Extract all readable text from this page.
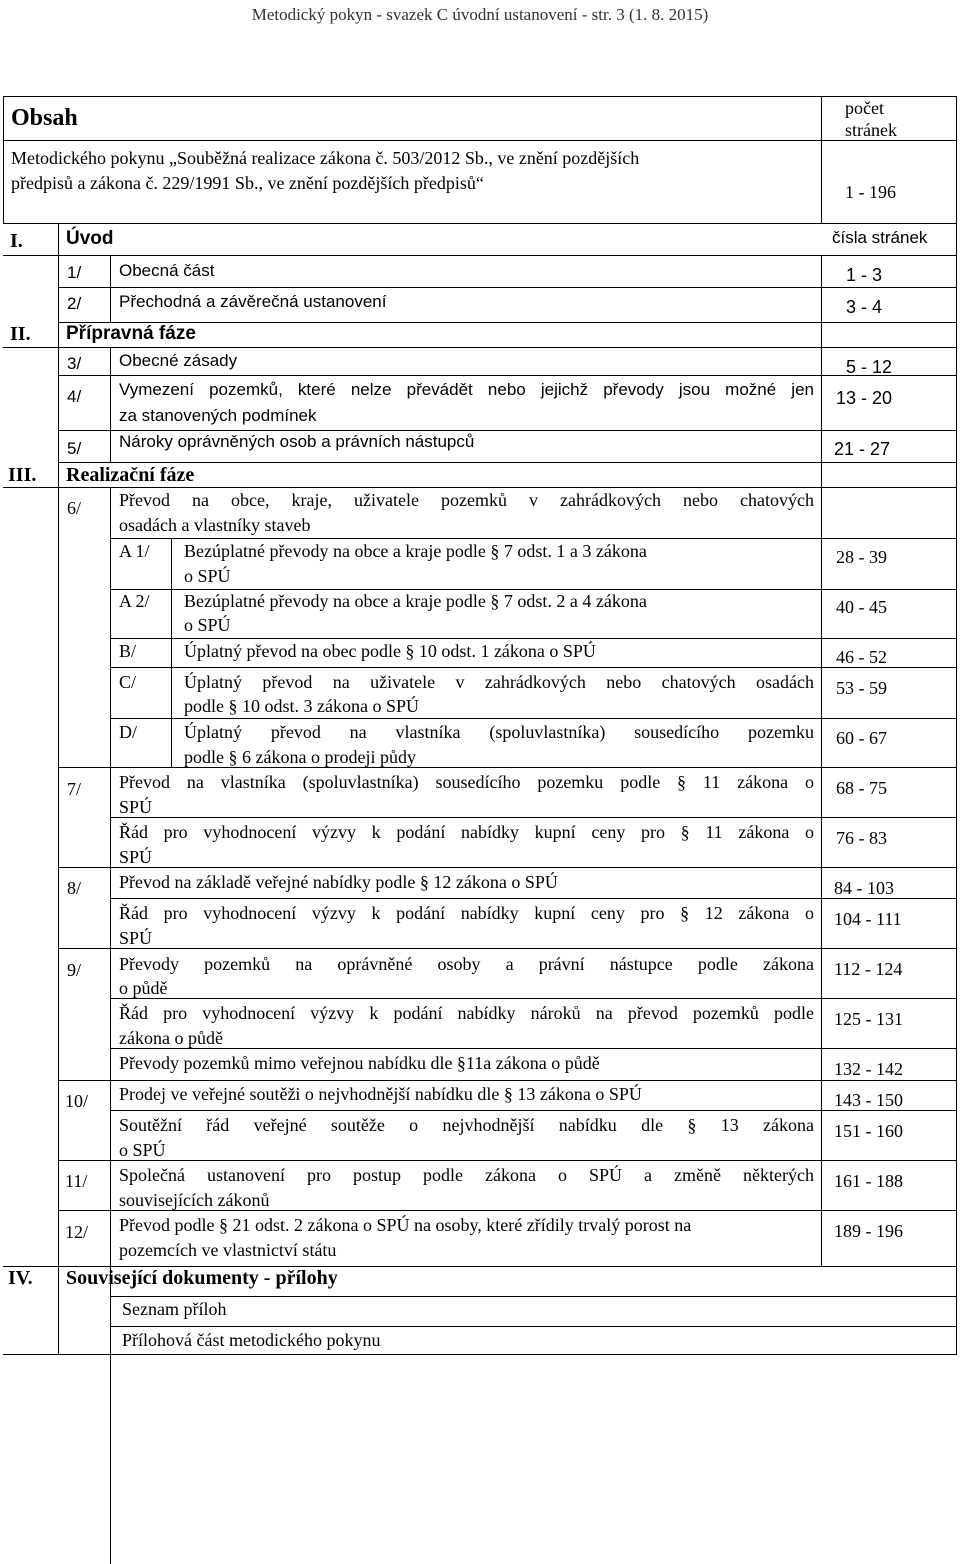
Metodický pokyn - svazek C úvodní ustanovení - str. 3 (1. 8. 2015)
Obsah	počet
stránek
Metodického pokynu „Souběžná realizace zákona č. 503/2012 Sb., ve znění pozdějších
předpisů a zákona č. 229/1991 Sb., ve znění pozdějších předpisů“	1 - 196
I. Úvod	čísla stránek
1/ Obecná část	1 - 3
2/ Přechodná a závěrečná ustanovení	3 - 4
II. Přípravná fáze
3/ Obecné zásady	5 - 12
4/ Vymezení pozemků, které nelze převádět nebo jejichž převody jsou možné jen
za stanovených podmínek
13 - 20
5/ Nároky oprávněných osob a právních nástupců	21 - 27
III. Realizační fáze
6/ Převod na obce, kraje, uživatele pozemků v zahrádkových nebo chatových
osadách a vlastníky staveb
A 1/ Bezúplatné převody na obce a kraje podle § 7 odst. 1 a 3 zákona
o SPÚ
28 - 39
A 2/ Bezúplatné převody na obce a kraje podle § 7 odst. 2 a 4 zákona
o SPÚ
40 - 45
B/	Úplatný převod na obec podle § 10 odst. 1 zákona o SPÚ	46 - 52
C/	Úplatný převod na uživatele v zahrádkových nebo chatových osadách
podle § 10 odst. 3 zákona o SPÚ
53 - 59
D/	Úplatný převod na vlastníka (spoluvlastníka) sousedícího pozemku
podle § 6 zákona o prodeji půdy
60 - 67
7/ Převod na vlastníka (spoluvlastníka) sousedícího pozemku podle § 11 zákona o
SPÚ
68 - 75
Řád pro vyhodnocení výzvy k podání nabídky kupní ceny pro § 11 zákona o
SPÚ
76 - 83
8/ Převod na základě veřejné nabídky podle § 12 zákona o SPÚ	84 - 103
Řád pro vyhodnocení výzvy k podání nabídky kupní ceny pro § 12 zákona o
SPÚ
104 - 111
9/ Převody pozemků na oprávněné osoby a právní nástupce podle zákona
o půdě
112 - 124
Řád pro vyhodnocení výzvy k podání nabídky nároků na převod pozemků podle
zákona o půdě
125 - 131
Převody pozemků mimo veřejnou nabídku dle §11a zákona o půdě	132 - 142
10/ Prodej ve veřejné soutěži o nejvhodnější nabídku dle § 13 zákona o SPÚ	143 - 150
Soutěžní řád veřejné soutěže o nejvhodnější nabídku dle § 13 zákona
o SPÚ
151 - 160
11/ Společná ustanovení pro postup podle zákona o SPÚ a změně některých
souvisejících zákonů
161 - 188
12/ Převod podle § 21 odst. 2 zákona o SPÚ na osoby, které zřídily trvalý porost na
pozemcích ve vlastnictví státu
189 - 196
IV. Související dokumenty - přílohy
Seznam příloh
Přílohová část metodického pokynu
